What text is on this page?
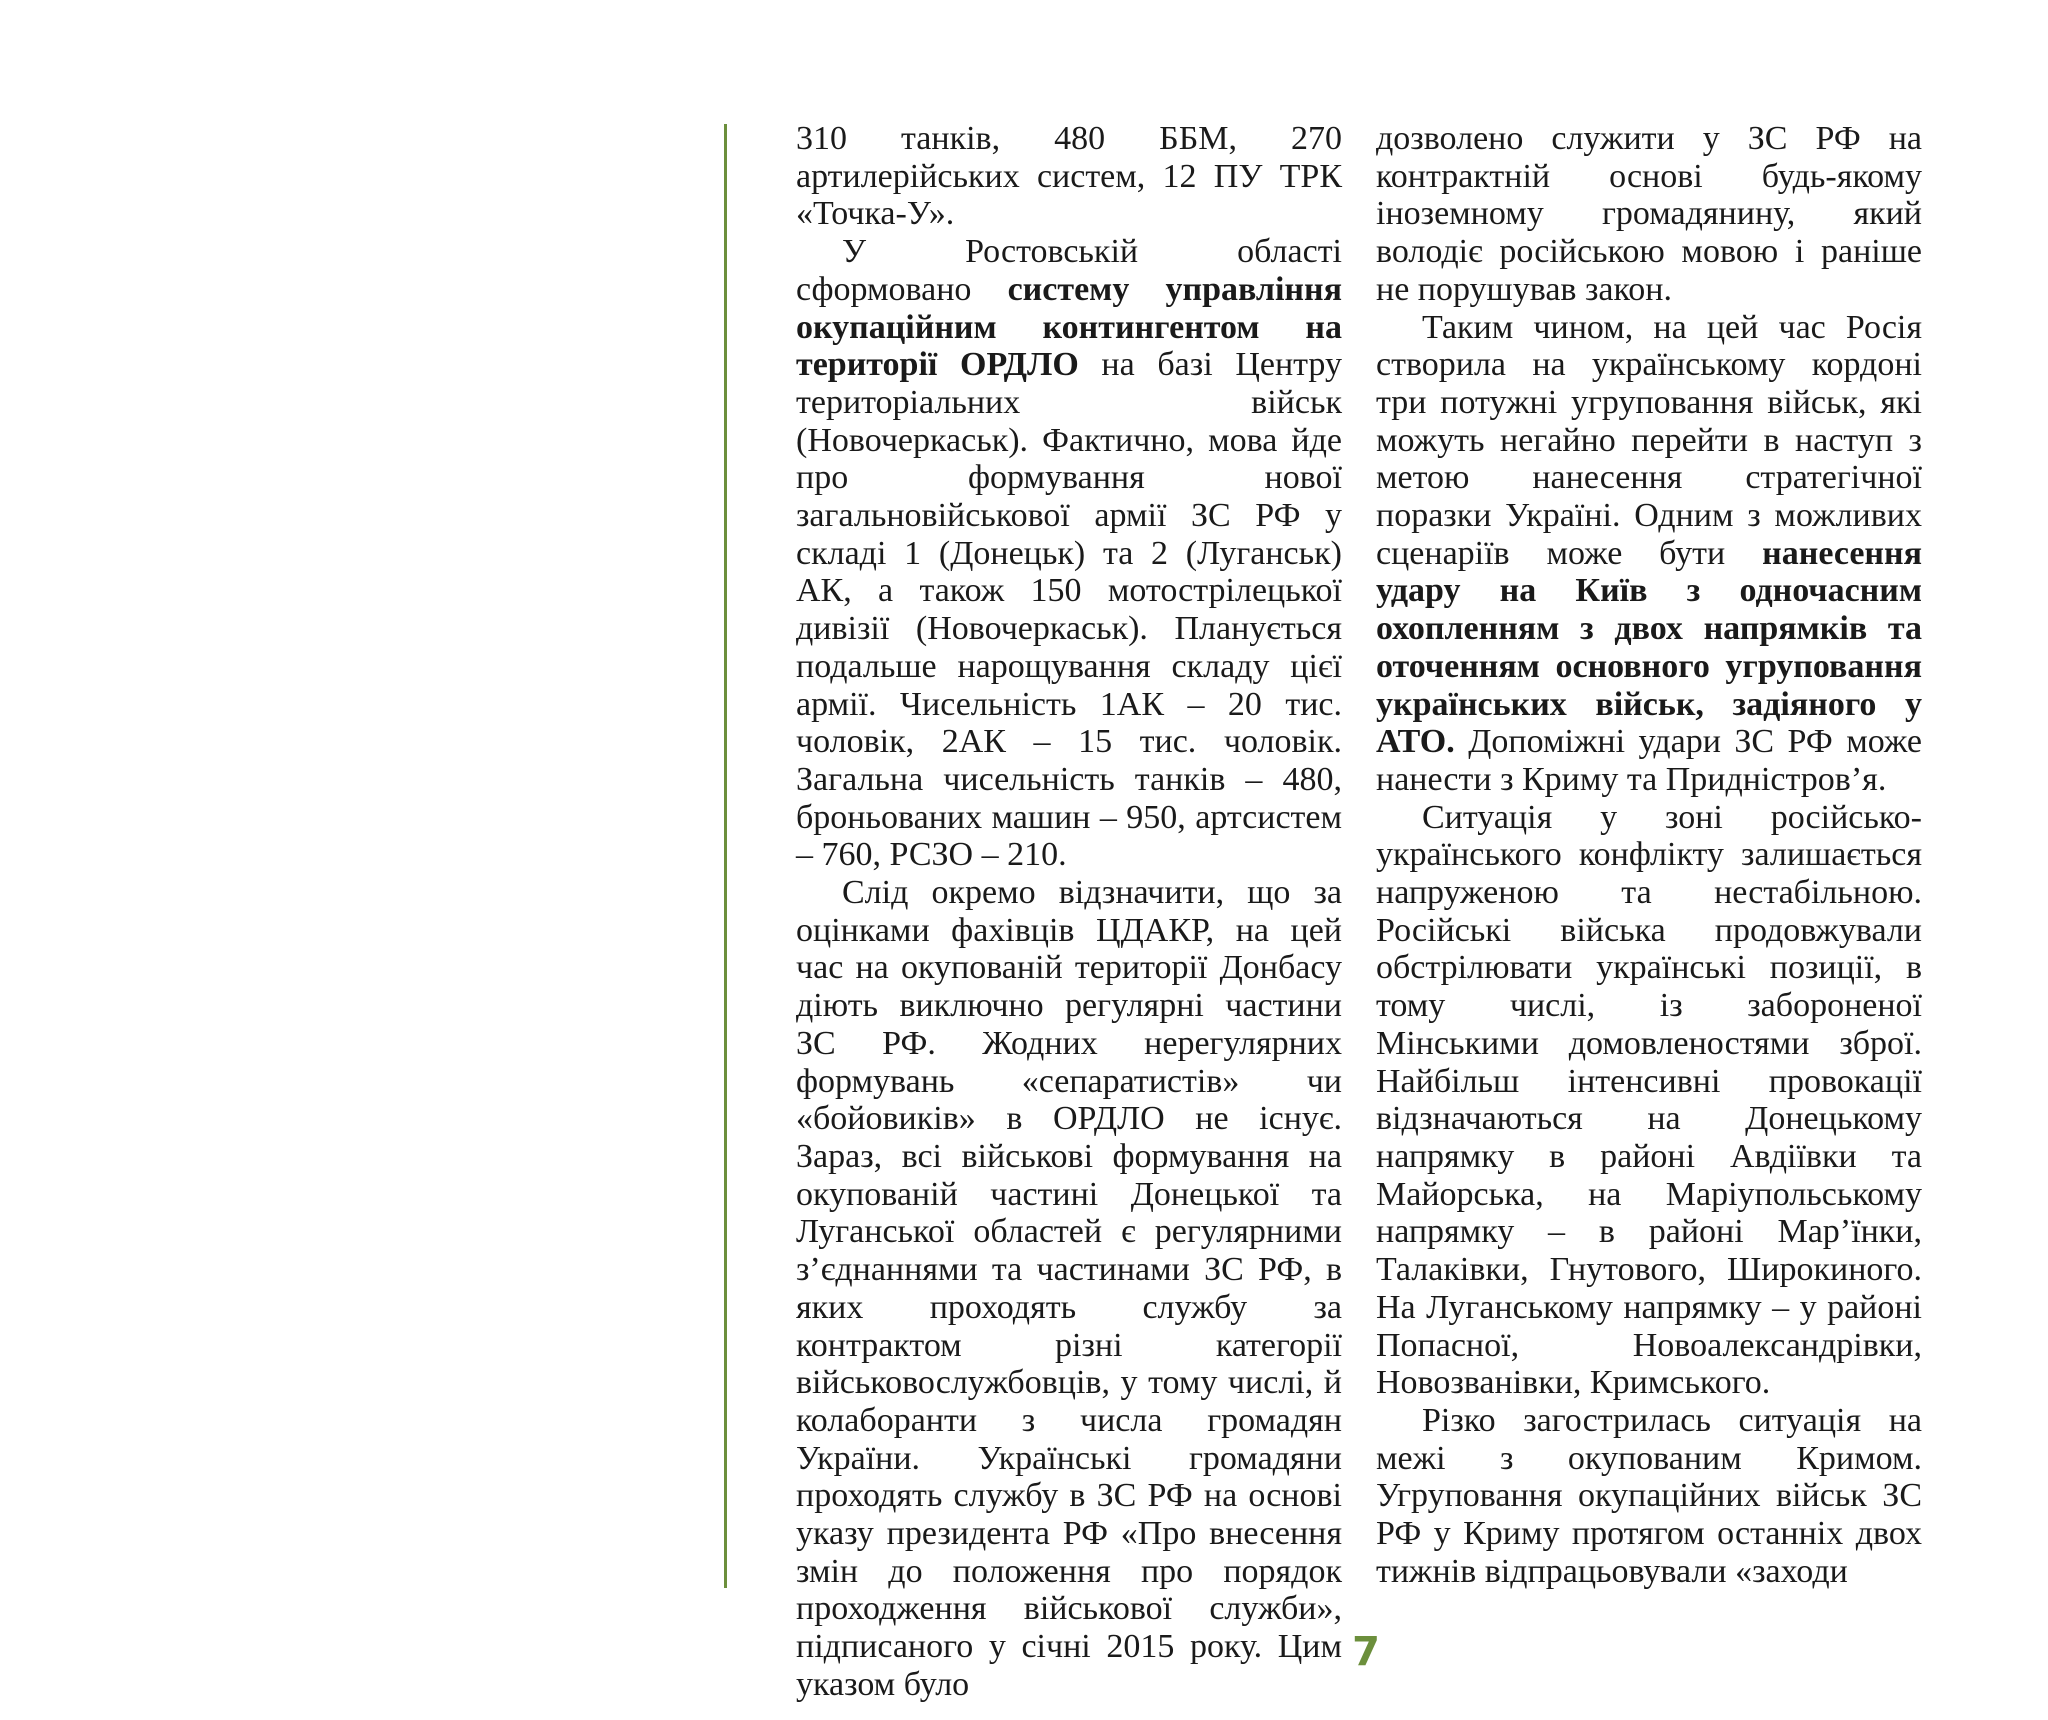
310 танків, 480 ББМ, 270 артилерійських систем, 12 ПУ ТРК «Точка-У».

У Ростовській області сформовано систему управління окупаційним контингентом на території ОРДЛО на базі Центру територіальних військ (Новочеркаськ). Фактично, мова йде про формування нової загальновійськової армії ЗС РФ у складі 1 (Донецьк) та 2 (Луганськ) АК, а також 150 мотострілецької дивізії (Новочеркаськ). Планується подальше нарощування складу цієї армії. Чисельність 1АК – 20 тис. чоловік, 2АК – 15 тис. чоловік. Загальна чисельність танків – 480, броньованих машин – 950, артсистем – 760, РСЗО – 210.

Слід окремо відзначити, що за оцінками фахівців ЦДАКР, на цей час на окупованій території Донбасу діють виключно регулярні частини ЗС РФ. Жодних нерегулярних формувань «сепаратистів» чи «бойовиків» в ОРДЛО не існує. Зараз, всі військові формування на окупованій частині Донецької та Луганської областей є регулярними з’єднаннями та частинами ЗС РФ, в яких проходять службу за контрактом різні категорії військовослужбовців, у тому числі, й колаборанти з числа громадян України. Українські громадяни проходять службу в ЗС РФ на основі указу президента РФ «Про внесення змін до положення про порядок проходження військової служби», підписаного у січні 2015 року. Цим указом було

дозволено служити у ЗС РФ на контрактній основі будь-якому іноземному громадянину, який володіє російською мовою і раніше не порушував закон.

Таким чином, на цей час Росія створила на українському кордоні три потужні угруповання військ, які можуть негайно перейти в наступ з метою нанесення стратегічної поразки Україні. Одним з можливих сценаріїв може бути нанесення удару на Київ з одночасним охопленням з двох напрямків та оточенням основного угруповання українських військ, задіяного у АТО. Допоміжні удари ЗС РФ може нанести з Криму та Придністров’я.

Ситуація у зоні російсько-українського конфлікту залишається напруженою та нестабільною. Російські війська продовжували обстрілювати українські позиції, в тому числі, із забороненої Мінськими домовленостями зброї. Найбільш інтенсивні провокації відзначаються на Донецькому напрямку в районі Авдіївки та Майорська, на Маріупольському напрямку – в районі Мар’їнки, Талаківки, Гнутового, Широкиного. На Луганському напрямку – у районі Попасної, Новоалександрівки, Новозванівки, Кримського.

Різко загострилась ситуація на межі з окупованим Кримом. Угруповання окупаційних військ ЗС РФ у Криму протягом останніх двох тижнів відпрацьовували «заходи

7
